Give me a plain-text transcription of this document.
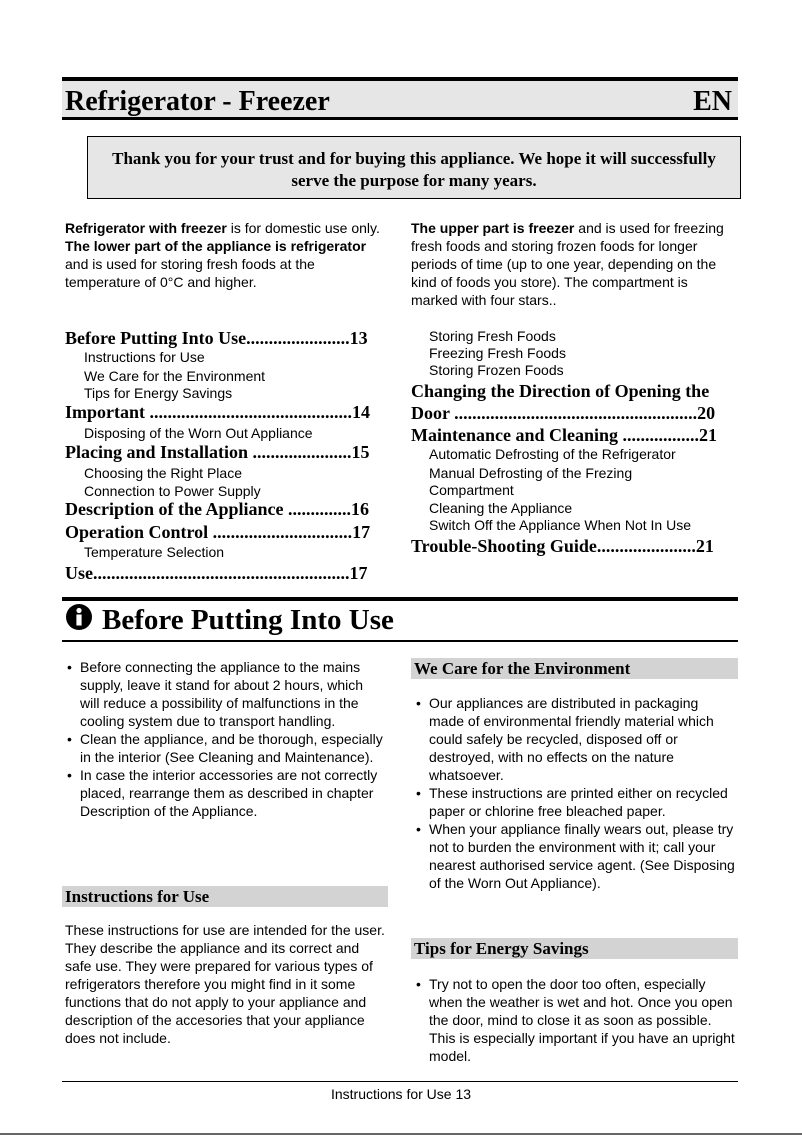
Refrigerator - Freezer	EN
Thank you for your trust and for buying this appliance. We hope it will successfully serve the purpose for many years.
Refrigerator with freezer is for domestic use only.
The lower part of the appliance is refrigerator and is used for storing fresh foods at the temperature of 0°C and higher.
The upper part is freezer and is used for freezing fresh foods and storing frozen foods for longer periods of time (up to one year, depending on the kind of foods you store). The compartment is marked with four stars..
Before Putting Into Use.......................13
Instructions for Use
We Care for the Environment
Tips for Energy Savings
Important .............................................14
Disposing of the Worn Out Appliance
Placing and Installation ......................15
Choosing the Right Place
Connection to Power Supply
Description of the Appliance ..............16
Operation Control ...............................17
Temperature Selection
Use.........................................................17
Storing Fresh Foods
Freezing Fresh Foods
Storing Frozen Foods
Changing the Direction of Opening the
Door ......................................................20
Maintenance and Cleaning .................21
Automatic Defrosting of the Refrigerator
Manual Defrosting of the Frezing
Compartment
Cleaning the Appliance
Switch Off the Appliance When Not In Use
Trouble-Shooting Guide......................21
Before Putting Into Use
• Before connecting the appliance to the mains supply, leave it stand for about 2 hours, which will reduce a possibility of malfunctions in the cooling system due to transport handling.
• Clean the appliance, and be thorough, especially in the interior (See Cleaning and Maintenance).
• In case the interior accessories are not correctly placed, rearrange them as described in chapter Description of the Appliance.
Instructions for Use
These instructions for use are intended for the user. They describe the appliance and its correct and safe use. They were prepared for various types of refrigerators therefore you might find in it some functions that do not apply to your appliance and description of the accesories that your appliance does not include.
We Care for the Environment
• Our appliances are distributed in packaging made of environmental friendly material which could safely be recycled, disposed off or destroyed, with no effects on the nature whatsoever.
• These instructions are printed either on recycled paper or chlorine free bleached paper.
• When your appliance finally wears out, please try not to burden the environment with it; call your nearest authorised service agent. (See Disposing of the Worn Out Appliance).
Tips for Energy Savings
• Try not to open the door too often, especially when the weather is wet and hot. Once you open the door, mind to close it as soon as possible. This is especially important if you have an upright model.
Instructions for Use 13
